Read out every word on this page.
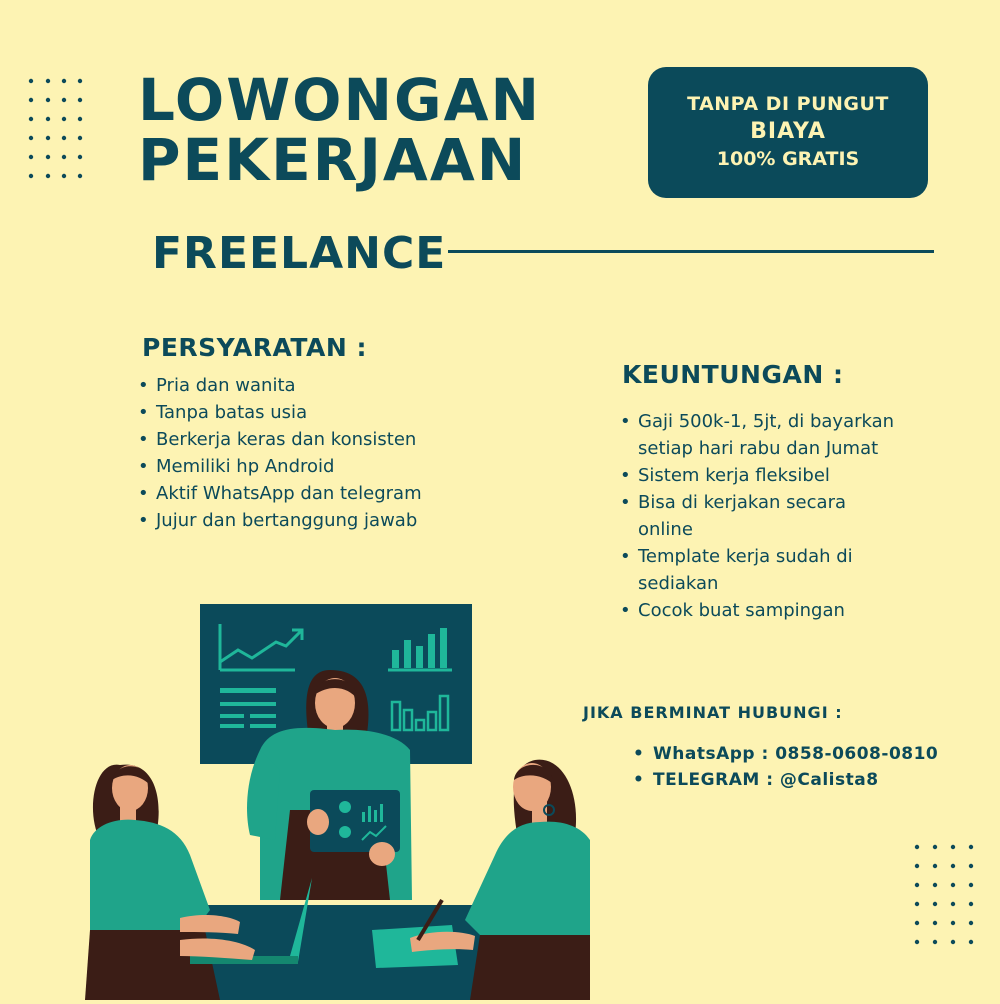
LOWONGAN
PEKERJAAN
TANPA DI PUNGUT
BIAYA
100% GRATIS
FREELANCE
PERSYARATAN :
• Pria dan wanita
• Tanpa batas usia
• Berkerja keras dan konsisten
• Memiliki hp Android
• Aktif WhatsApp dan telegram
• Jujur dan bertanggung jawab
KEUNTUNGAN :
• Gaji 500k-1, 5jt, di bayarkan setiap hari rabu dan Jumat
• Sistem kerja fleksibel
• Bisa di kerjakan secara online
• Template kerja sudah di sediakan
• Cocok buat sampingan
JIKA BERMINAT HUBUNGI :
• WhatsApp : 0858-0608-0810
• TELEGRAM : @Calista8
